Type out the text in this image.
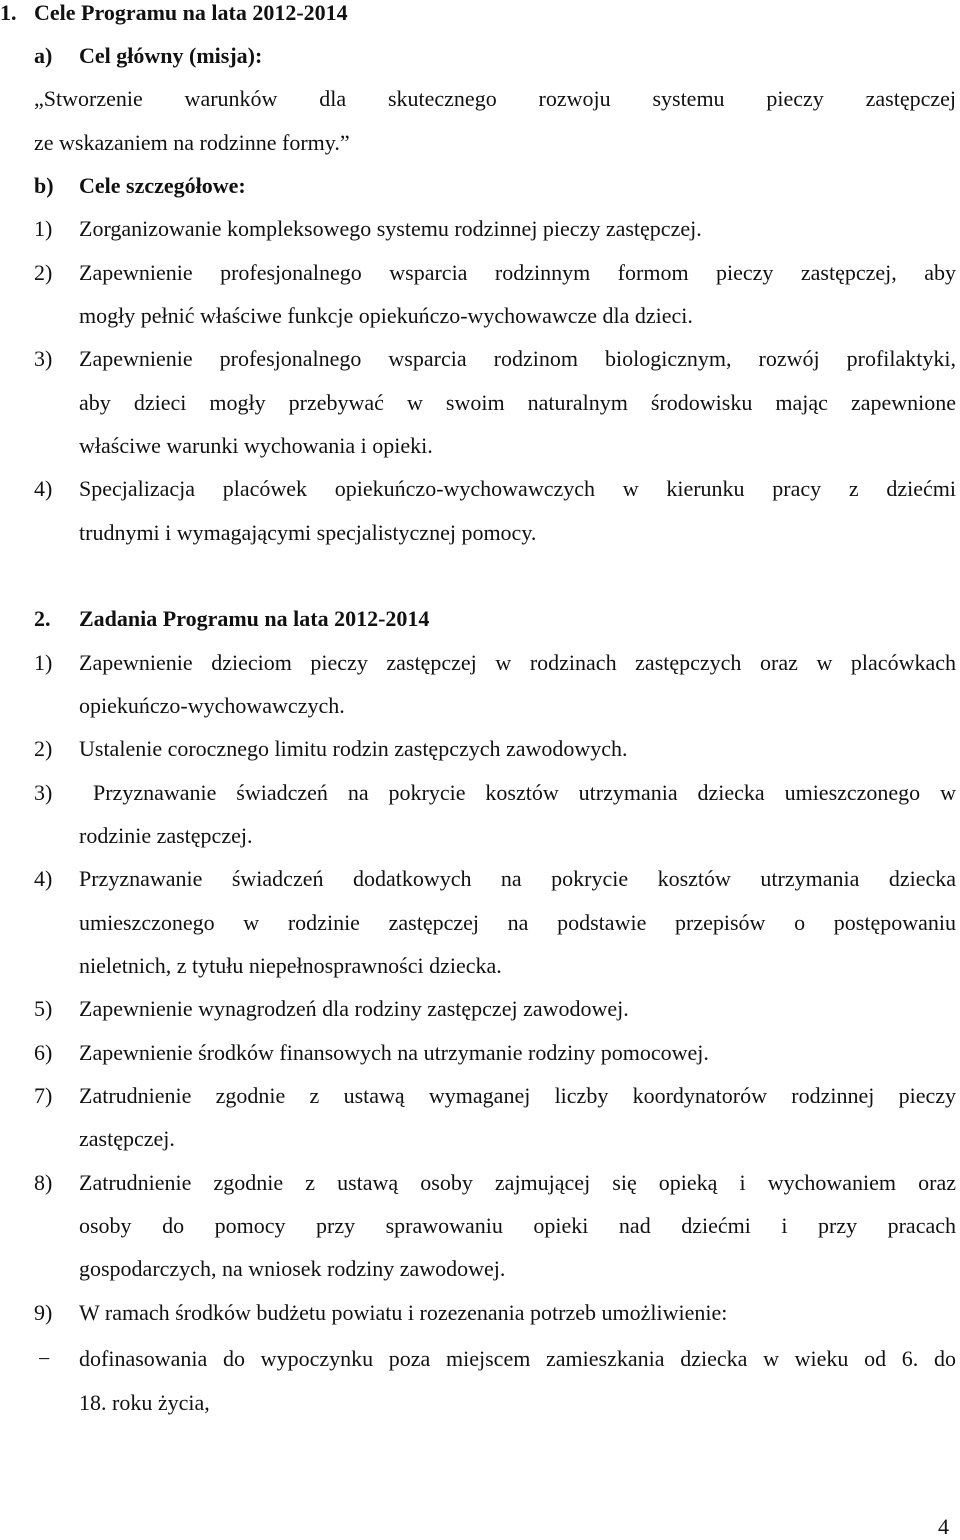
1. Cele Programu na lata 2012-2014
a) Cel główny (misja):
„Stworzenie warunków dla skutecznego rozwoju systemu pieczy zastępczej
ze wskazaniem na rodzinne formy.”
b) Cele szczegółowe:
1) Zorganizowanie kompleksowego systemu rodzinnej pieczy zastępczej.
2) Zapewnienie profesjonalnego wsparcia rodzinnym formom pieczy zastępczej, aby
mogły pełnić właściwe funkcje opiekuńczo-wychowawcze dla dzieci.
3) Zapewnienie profesjonalnego wsparcia rodzinom biologicznym, rozwój profilaktyki,
aby dzieci mogły przebywać w swoim naturalnym środowisku mając zapewnione
właściwe warunki wychowania i opieki.
4) Specjalizacja placówek opiekuńczo-wychowawczych w kierunku pracy z dziećmi
trudnymi i wymagającymi specjalistycznej pomocy.
2. Zadania Programu na lata 2012-2014
1) Zapewnienie dzieciom pieczy zastępczej w rodzinach zastępczych oraz w placówkach
opiekuńczo-wychowawczych.
2) Ustalenie corocznego limitu rodzin zastępczych zawodowych.
3) Przyznawanie świadczeń na pokrycie kosztów utrzymania dziecka umieszczonego w
rodzinie zastępczej.
4) Przyznawanie świadczeń dodatkowych na pokrycie kosztów utrzymania dziecka
umieszczonego w rodzinie zastępczej na podstawie przepisów o postępowaniu
nieletnich, z tytułu niepełnosprawności dziecka.
5) Zapewnienie wynagrodzeń dla rodziny zastępczej zawodowej.
6) Zapewnienie środków finansowych na utrzymanie rodziny pomocowej.
7) Zatrudnienie zgodnie z ustawą wymaganej liczby koordynatorów rodzinnej pieczy
zastępczej.
8) Zatrudnienie zgodnie z ustawą osoby zajmującej się opieką i wychowaniem oraz
osoby do pomocy przy sprawowaniu opieki nad dziećmi i przy pracach
gospodarczych, na wniosek rodziny zawodowej.
9) W ramach środków budżetu powiatu i rozezenania potrzeb umożliwienie:
− dofinasowania do wypoczynku poza miejscem zamieszkania dziecka w wieku od 6. do
18. roku życia,
4
